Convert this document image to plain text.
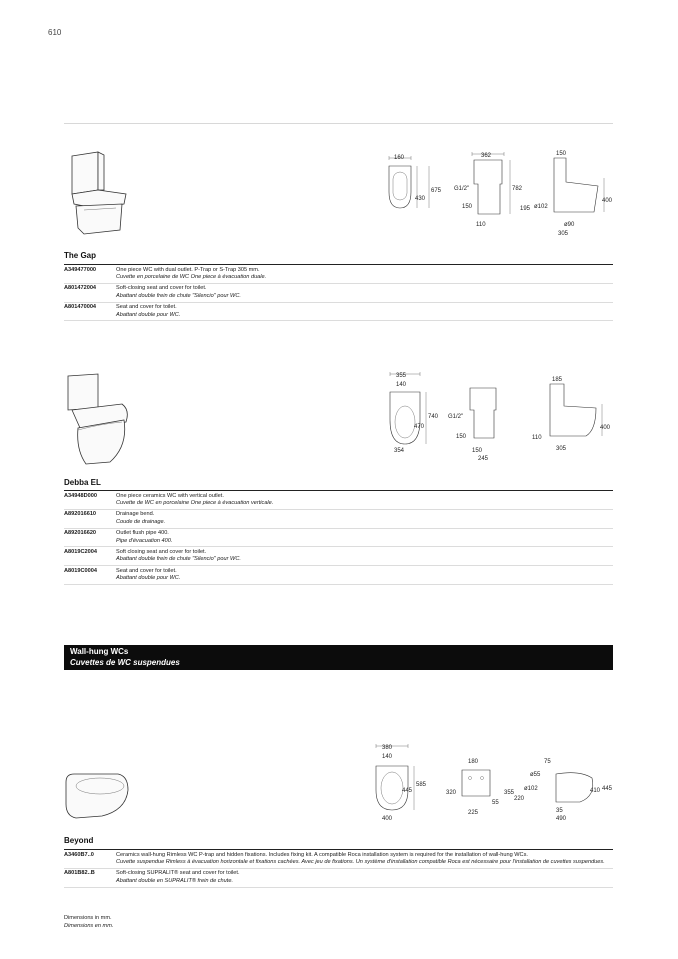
610
160
675
430
362
G1/2"	782
150
110
150
400
ø102
195
ø90
305
The Gap
A349477000	One piece WC with dual outlet. P-Trap or S-Trap 305 mm.
Cuvette en porcelaine de WC One piece à évacuation duale.

A801472004	Soft-closing seat and cover for toilet.
Abattant double frein de chute "Silencio" pour WC.

A801470004	Seat and cover for toilet.
Abattant double pour WC.
355
140
740
470
354
G1/2"
150
150
245
185
400
110
305
Debba EL
A34948D000	One piece ceramics WC with vertical outlet.
Cuvette de WC en porcelaine One piece à évacuation verticale.

A892016610	Drainage bend.
Coude de drainage.

A892016620	Outlet flush pipe 400.
Pipe d'évacuation 400.

A8019C2004	Soft closing seat and cover for toilet.
Abattant double frein de chute "Silencio" pour WC.

A8019C0004	Seat and cover for toilet.
Abattant double pour WC.
Wall-hung WCs
Cuvettes de WC suspendues
380
140
585
445
400
180
320
55
225
75
ø55
ø102
355
220
410 445
35
490
Beyond
A3460B7..0	Ceramics wall-hung Rimless WC P-trap and hidden fixations. Includes fixing kit. A compatible Roca installation system is required for the installation of wall-hung WCs.
Cuvette suspendue Rimless à évacuation horizontale et fixations cachées. Avec jeu de fixations. Un système d'installation compatible Roca est nécessaire pour l'installation de cuvettes suspendues.

A801B82..B	Soft-closing SUPRALIT® seat and cover for toilet.
Abattant double en SUPRALIT® frein de chute.
Dimensions in mm.
Dimensions en mm.
